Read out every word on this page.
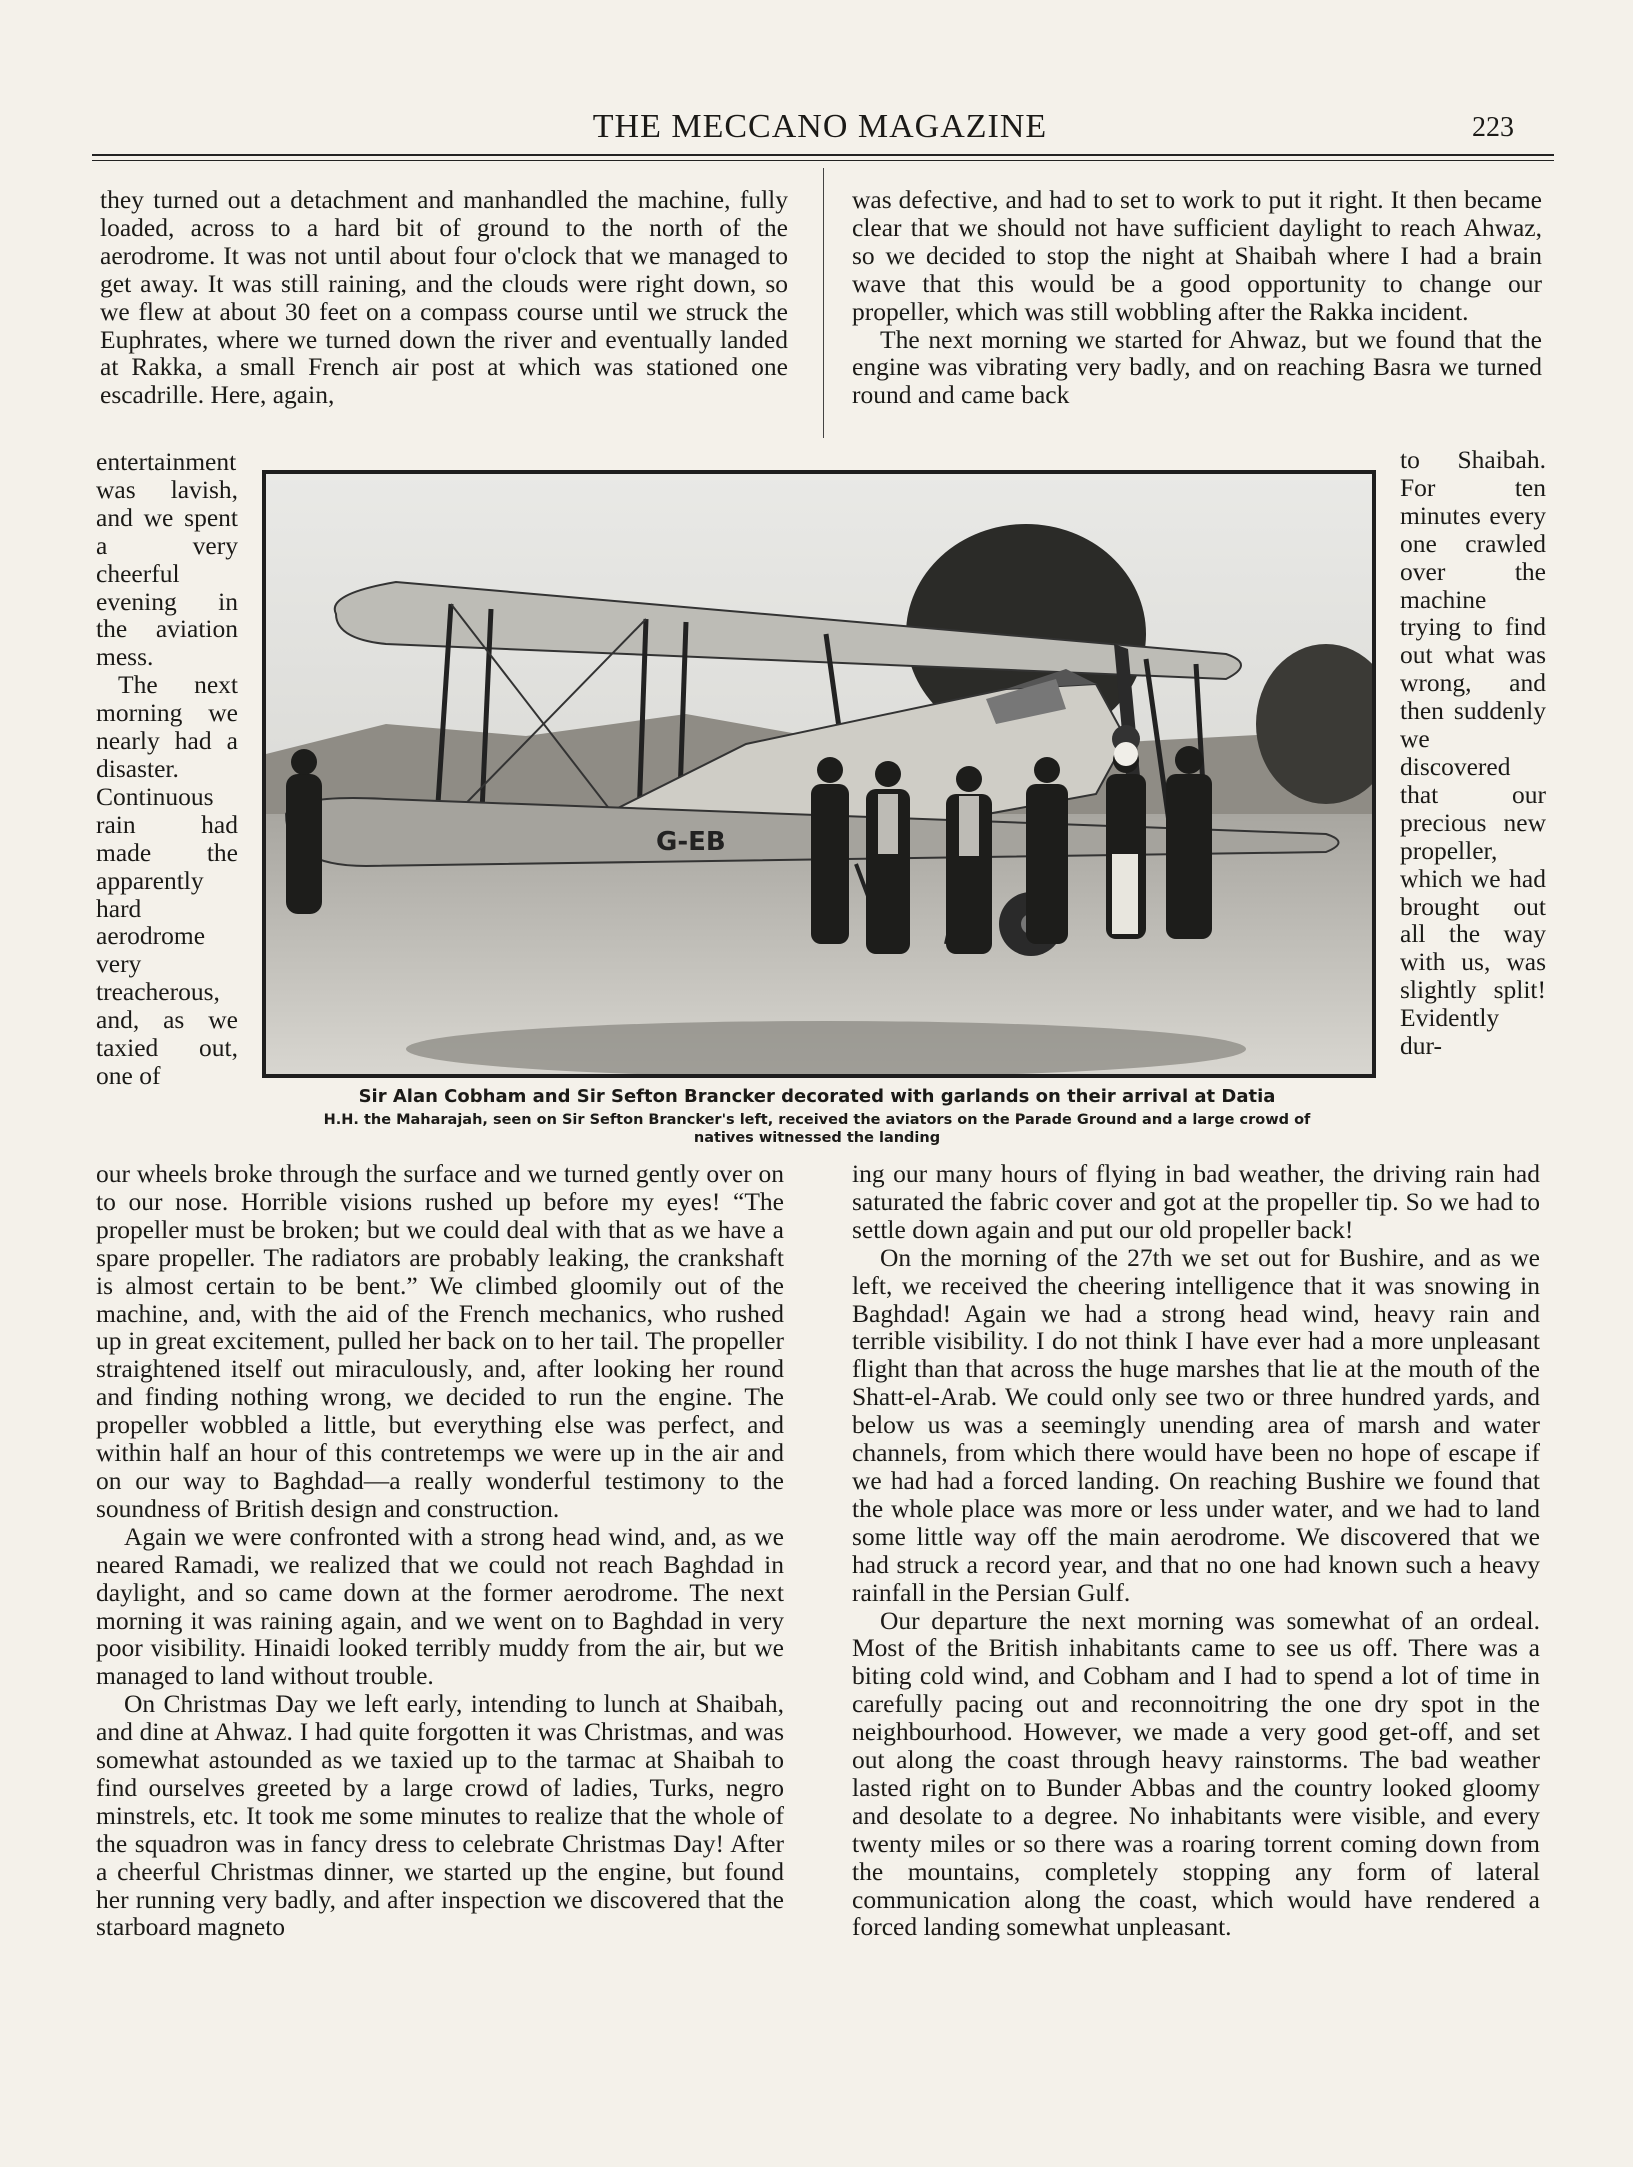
THE MECCANO MAGAZINE	223

they turned out a detachment and manhandled the machine, fully loaded, across to a hard bit of ground to the north of the aerodrome. It was not until about four o'clock that we managed to get away. It was still raining, and the clouds were right down, so we flew at about 30 feet on a compass course until we struck the Euphrates, where we turned down the river and eventually landed at Rakka, a small French air post at which was stationed one escadrille. Here, again,

entertainment was lavish, and we spent a very cheerful evening in the aviation mess.

The next morning we nearly had a disaster. Continuous rain had made the apparently hard aerodrome very treacherous, and, as we taxied out, one of

was defective, and had to set to work to put it right. It then became clear that we should not have sufficient daylight to reach Ahwaz, so we decided to stop the night at Shaibah where I had a brain wave that this would be a good opportunity to change our propeller, which was still wobbling after the Rakka incident.

The next morning we started for Ahwaz, but we found that the engine was vibrating very badly, and on reaching Basra we turned round and came back

to Shaibah. For ten minutes every one crawled over the machine trying to find out what was wrong, and then suddenly we discovered that our precious new propeller, which we had brought out all the way with us, was slightly split! Evidently dur-

G-EB
Sir Alan Cobham and Sir Sefton Brancker decorated with garlands on their arrival at Datia
H.H. the Maharajah, seen on Sir Sefton Brancker's left, received the aviators on the Parade Ground and a large crowd of natives witnessed the landing

our wheels broke through the surface and we turned gently over on to our nose. Horrible visions rushed up before my eyes! “The propeller must be broken; but we could deal with that as we have a spare propeller. The radiators are probably leaking, the crankshaft is almost certain to be bent.” We climbed gloomily out of the machine, and, with the aid of the French mechanics, who rushed up in great excitement, pulled her back on to her tail. The propeller straightened itself out miraculously, and, after looking her round and finding nothing wrong, we decided to run the engine. The propeller wobbled a little, but everything else was perfect, and within half an hour of this contretemps we were up in the air and on our way to Baghdad—a really wonderful testimony to the soundness of British design and construction.

Again we were confronted with a strong head wind, and, as we neared Ramadi, we realized that we could not reach Baghdad in daylight, and so came down at the former aerodrome. The next morning it was raining again, and we went on to Baghdad in very poor visibility. Hinaidi looked terribly muddy from the air, but we managed to land without trouble.

On Christmas Day we left early, intending to lunch at Shaibah, and dine at Ahwaz. I had quite forgotten it was Christmas, and was somewhat astounded as we taxied up to the tarmac at Shaibah to find ourselves greeted by a large crowd of ladies, Turks, negro minstrels, etc. It took me some minutes to realize that the whole of the squadron was in fancy dress to celebrate Christmas Day! After a cheerful Christmas dinner, we started up the engine, but found her running very badly, and after inspection we discovered that the starboard magneto

ing our many hours of flying in bad weather, the driving rain had saturated the fabric cover and got at the propeller tip. So we had to settle down again and put our old propeller back!

On the morning of the 27th we set out for Bushire, and as we left, we received the cheering intelligence that it was snowing in Baghdad! Again we had a strong head wind, heavy rain and terrible visibility. I do not think I have ever had a more unpleasant flight than that across the huge marshes that lie at the mouth of the Shatt-el-Arab. We could only see two or three hundred yards, and below us was a seemingly unending area of marsh and water channels, from which there would have been no hope of escape if we had had a forced landing. On reaching Bushire we found that the whole place was more or less under water, and we had to land some little way off the main aerodrome. We discovered that we had struck a record year, and that no one had known such a heavy rainfall in the Persian Gulf.

Our departure the next morning was somewhat of an ordeal. Most of the British inhabitants came to see us off. There was a biting cold wind, and Cobham and I had to spend a lot of time in carefully pacing out and reconnoitring the one dry spot in the neighbourhood. However, we made a very good get-off, and set out along the coast through heavy rainstorms. The bad weather lasted right on to Bunder Abbas and the country looked gloomy and desolate to a degree. No inhabitants were visible, and every twenty miles or so there was a roaring torrent coming down from the mountains, completely stopping any form of lateral communication along the coast, which would have rendered a forced landing somewhat unpleasant.
